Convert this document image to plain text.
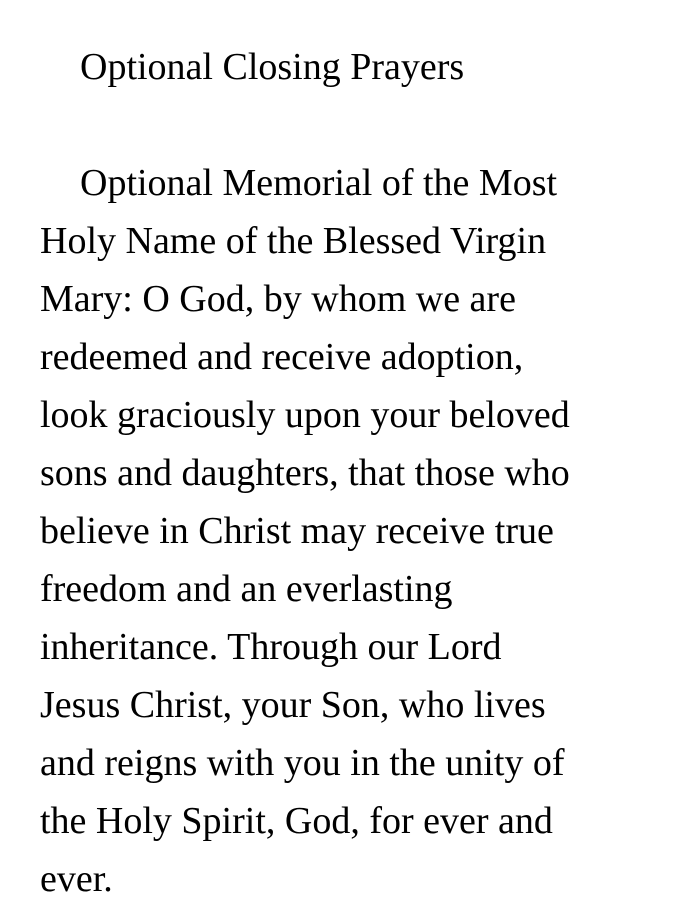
Optional Closing Prayers
Optional Memorial of the Most
Holy Name of the Blessed Virgin
Mary: O God, by whom we are
redeemed and receive adoption,
look graciously upon your beloved
sons and daughters, that those who
believe in Christ may receive true
freedom and an everlasting
inheritance. Through our Lord
Jesus Christ, your Son, who lives
and reigns with you in the unity of
the Holy Spirit, God, for ever and
ever.
